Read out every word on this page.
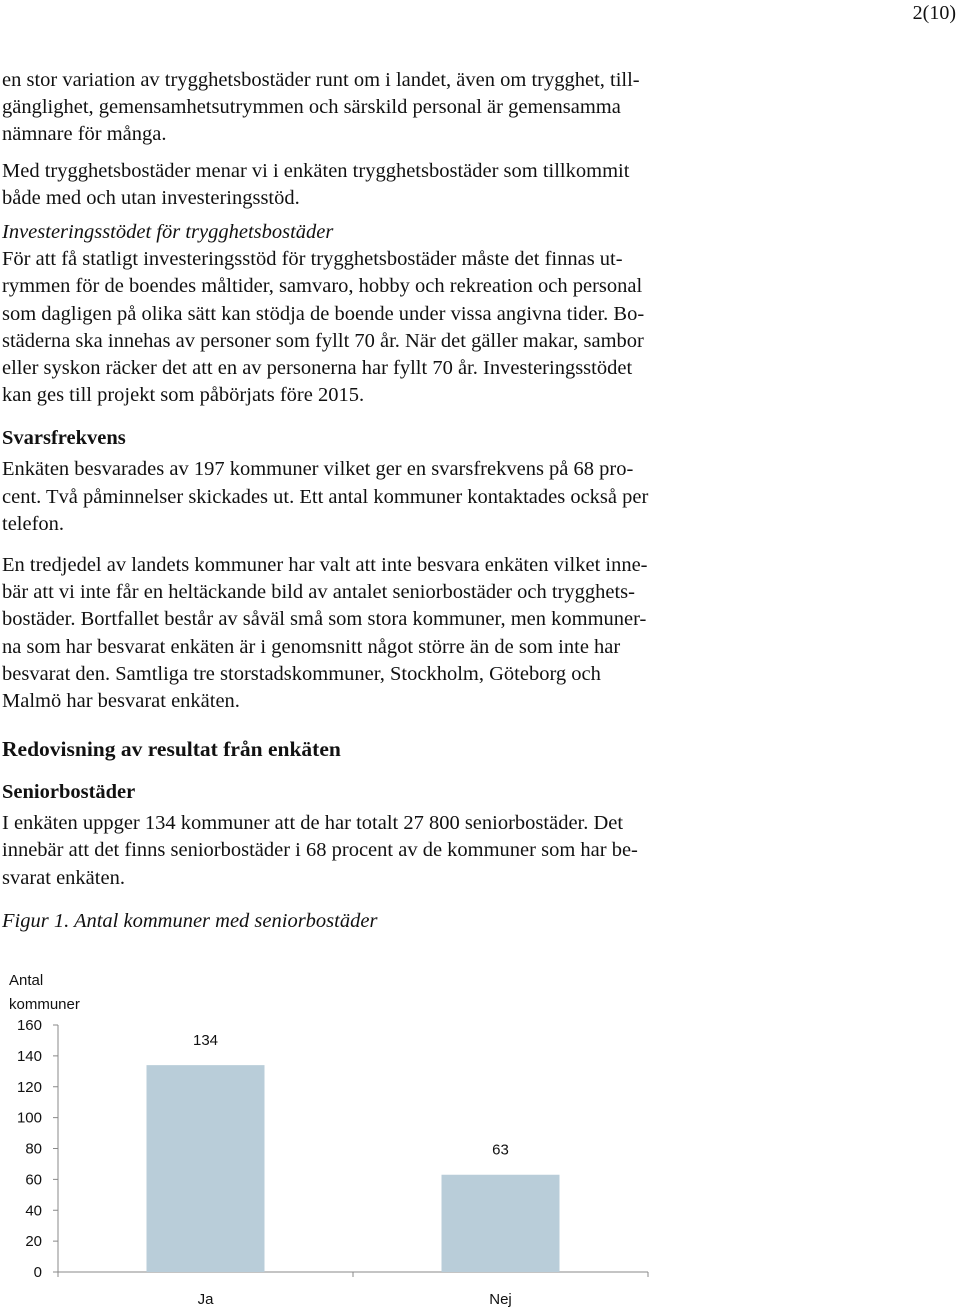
2(10)

en stor variation av trygghetsbostäder runt om i landet, även om trygghet, till-
gänglighet, gemensamhetsutrymmen och särskild personal är gemensamma
nämnare för många.

Med trygghetsbostäder menar vi i enkäten trygghetsbostäder som tillkommit
både med och utan investeringsstöd.

Investeringsstödet för trygghetsbostäder

För att få statligt investeringsstöd för trygghetsbostäder måste det finnas ut-
rymmen för de boendes måltider, samvaro, hobby och rekreation och personal
som dagligen på olika sätt kan stödja de boende under vissa angivna tider. Bo-
städerna ska innehas av personer som fyllt 70 år. När det gäller makar, sambor
eller syskon räcker det att en av personerna har fyllt 70 år. Investeringsstödet
kan ges till projekt som påbörjats före 2015.

Svarsfrekvens

Enkäten besvarades av 197 kommuner vilket ger en svarsfrekvens på 68 pro-
cent. Två påminnelser skickades ut. Ett antal kommuner kontaktades också per
telefon.

En tredjedel av landets kommuner har valt att inte besvara enkäten vilket inne-
bär att vi inte får en heltäckande bild av antalet seniorbostäder och trygghets-
bostäder. Bortfallet består av såväl små som stora kommuner, men kommuner-
na som har besvarat enkäten är i genomsnitt något större än de som inte har
besvarat den. Samtliga tre storstadskommuner, Stockholm, Göteborg och
Malmö har besvarat enkäten.

Redovisning av resultat från enkäten
Seniorbostäder

I enkäten uppger 134 kommuner att de har totalt 27 800 seniorbostäder. Det
innebär att det finns seniorbostäder i 68 procent av de kommuner som har be-
svarat enkäten.

Figur 1. Antal kommuner med seniorbostäder
Antal
kommuner
0
20
40
60
80
100
120
140
160
134
Ja
63
Nej
